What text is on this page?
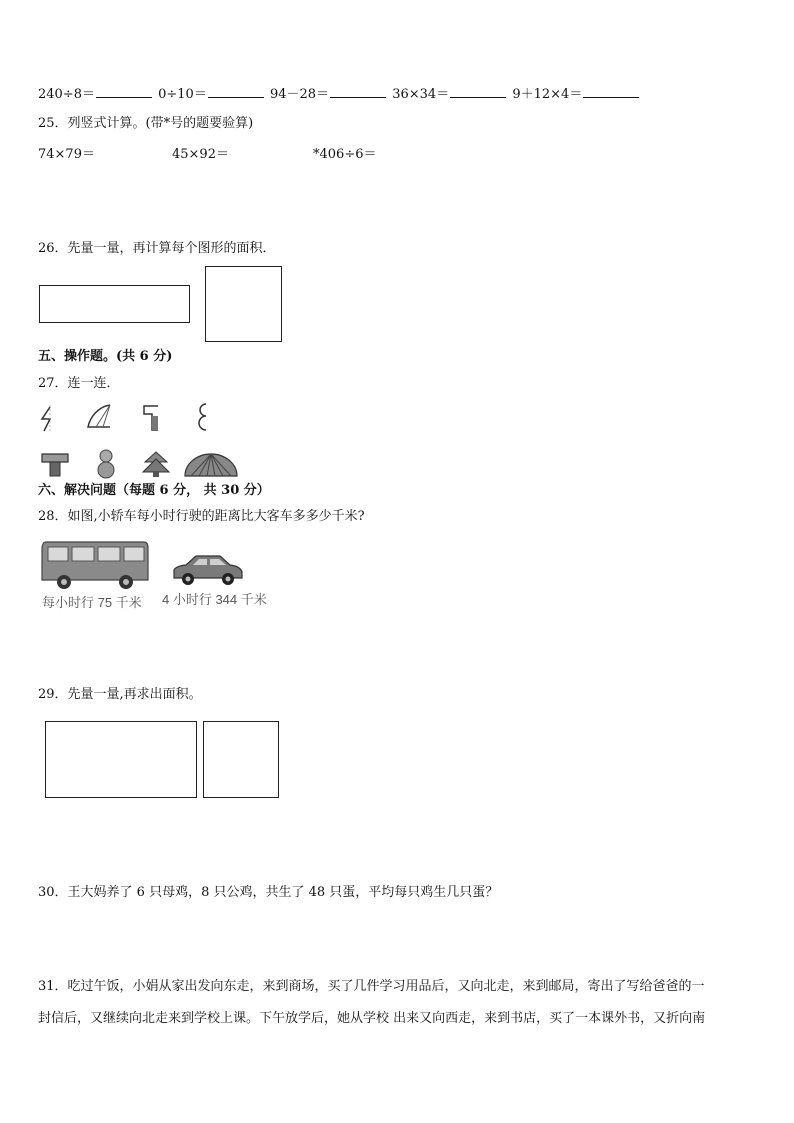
240÷8＝	0÷10＝	94－28＝	36×34＝	9＋12×4＝
25．列竖式计算。(带*号的题要验算)
74×79＝	45×92＝	*406÷6＝
26．先量一量，再计算每个图形的面积．
五、操作题。(共 6 分)
27．连一连．
六、解决问题（每题 6 分， 共 30 分）
28．如图,小轿车每小时行驶的距离比大客车多多少千米?
每小时行 75 千米 4 小时行 344 千米
29．先量一量,再求出面积。
30．王大妈养了 6 只母鸡，8 只公鸡，共生了 48 只蛋，平均每只鸡生几只蛋？
31．吃过午饭，小娟从家出发向东走，来到商场，买了几件学习用品后，又向北走，来到邮局，寄出了写给爸爸的一
封信后，又继续向北走来到学校上课。下午放学后，她从学校 出来又向西走，来到书店，买了一本课外书，又折向南
